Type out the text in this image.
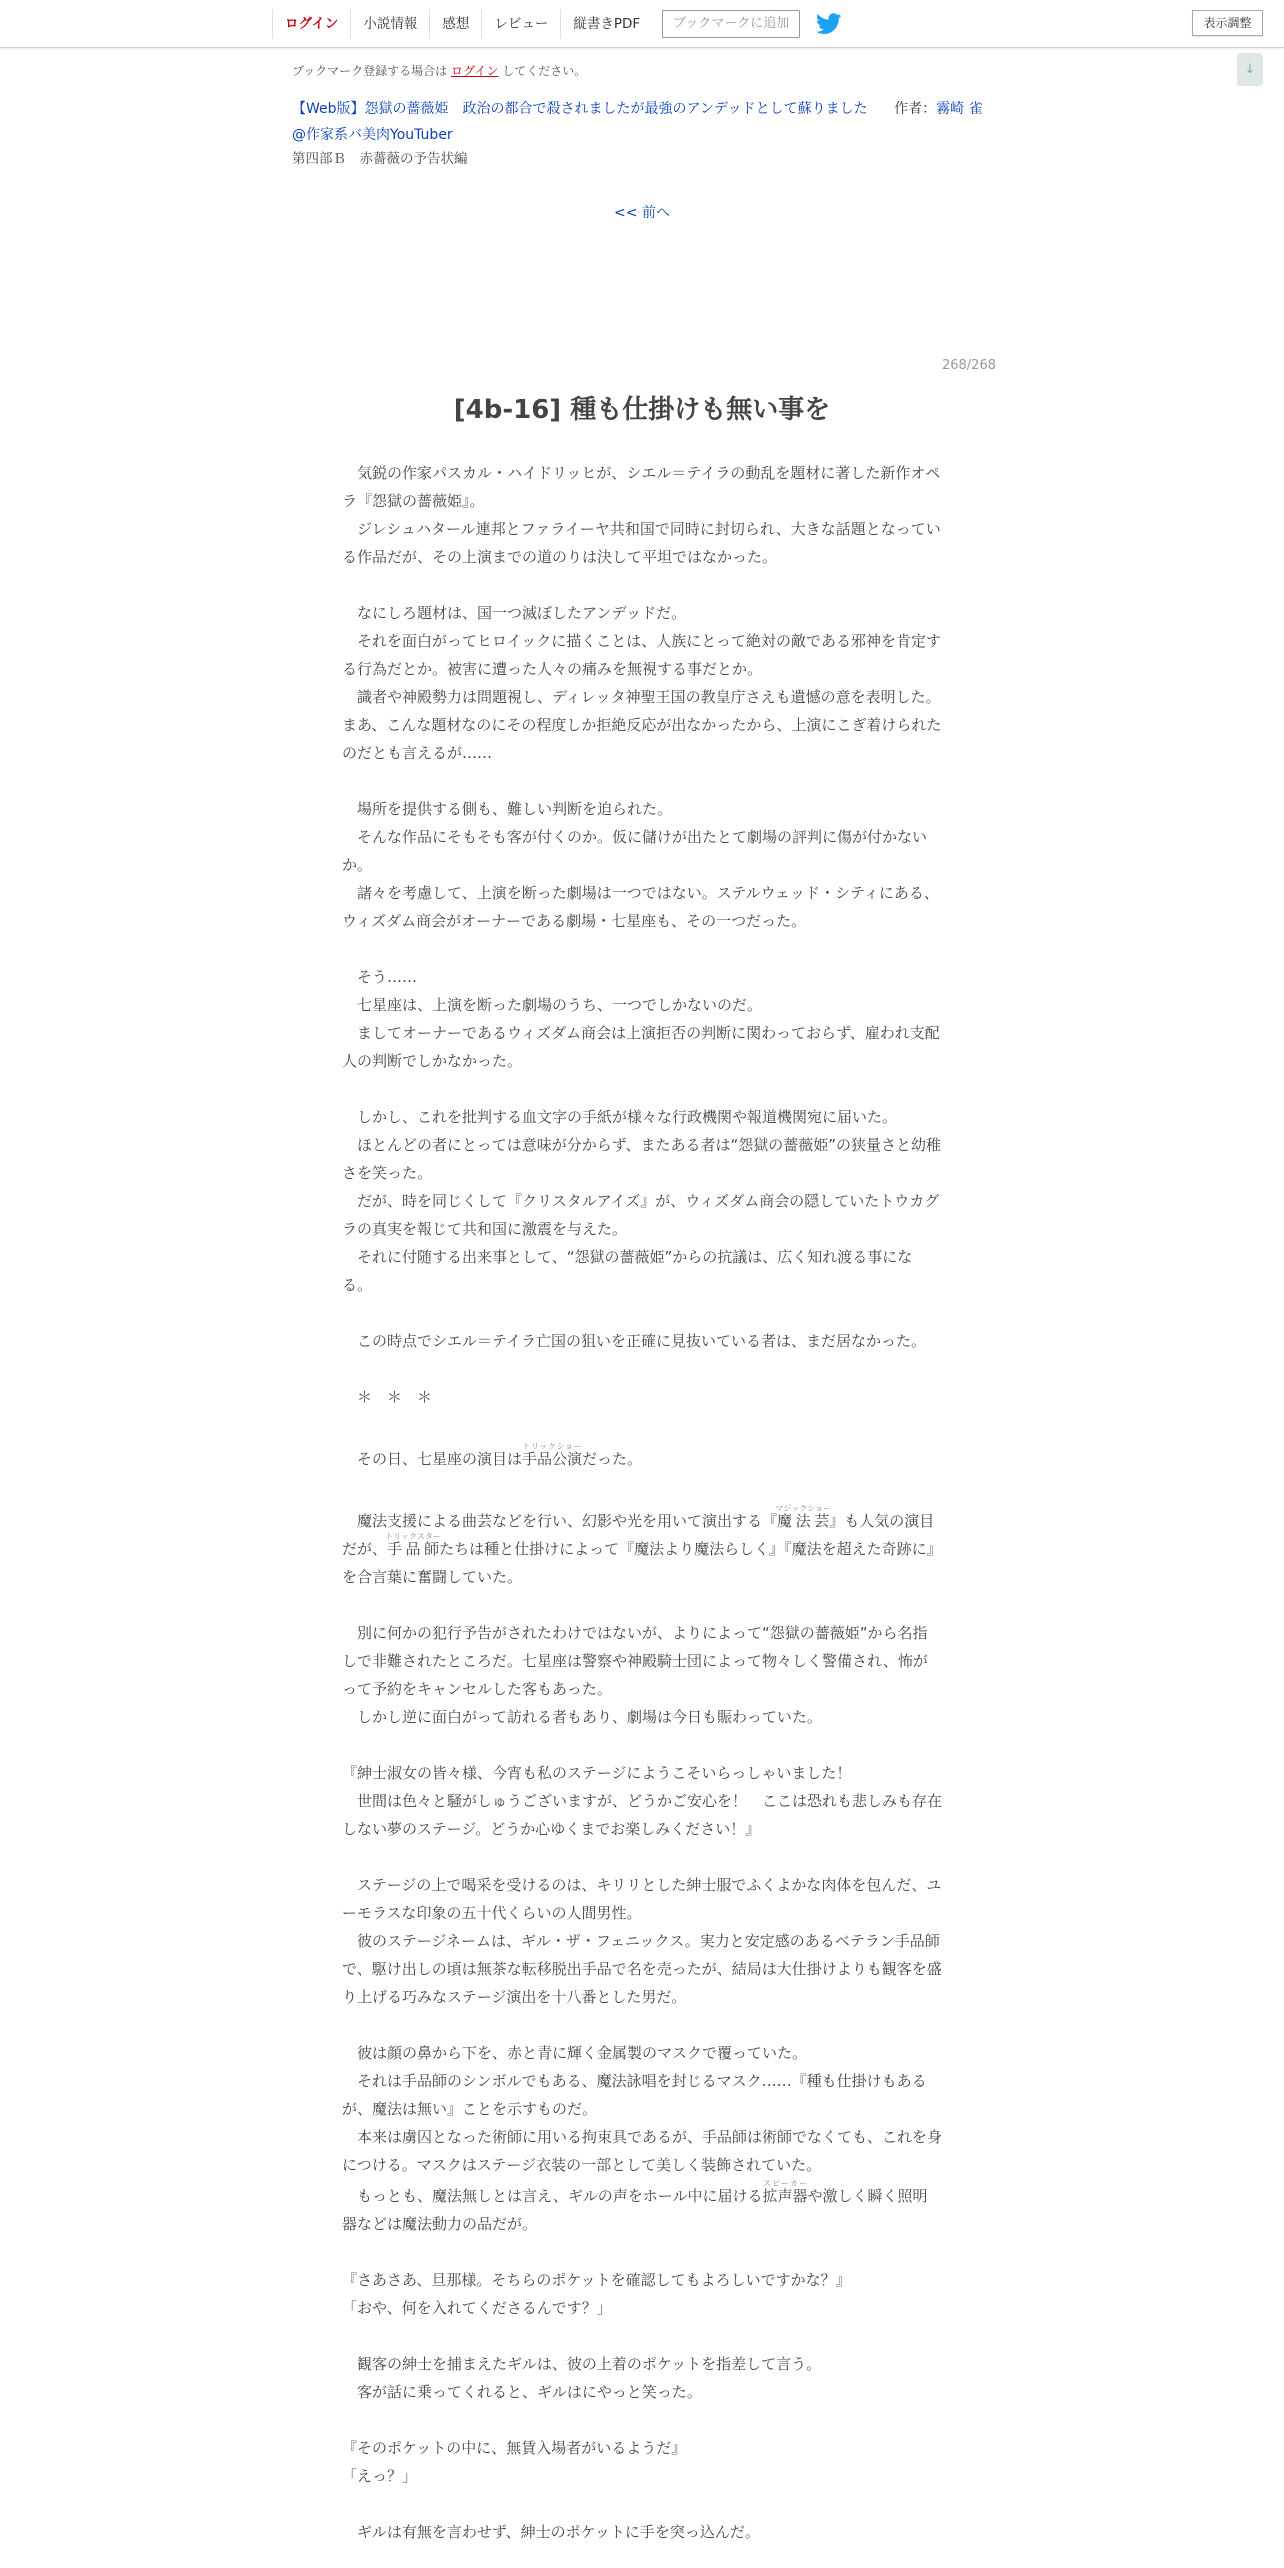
ログイン	小説情報	感想	レビュー	縦書きPDF	ブックマークに追加	表示調整
↓
ブックマーク登録する場合は ログイン してください。
【Web版】怨獄の薔薇姫　政治の都合で殺されましたが最強のアンデッドとして蘇りました 作者：霧崎 雀
@作家系バ美肉YouTuber
第四部Ｂ　赤薔薇の予告状編
<< 前へ
268/268
[4b-16] 種も仕掛けも無い事を

　気鋭の作家パスカル・ハイドリッヒが、シエル＝テイラの動乱を題材に著した新作オペラ『怨獄の薔薇姫』。

　ジレシュハタール連邦とファライーヤ共和国で同時に封切られ、大きな話題となっている作品だが、その上演までの道のりは決して平坦ではなかった。

　なにしろ題材は、国一つ滅ぼしたアンデッドだ。

　それを面白がってヒロイックに描くことは、人族にとって絶対の敵である邪神を肯定する行為だとか。被害に遭った人々の痛みを無視する事だとか。

　識者や神殿勢力は問題視し、ディレッタ神聖王国の教皇庁さえも遺憾の意を表明した。まあ、こんな題材なのにその程度しか拒絶反応が出なかったから、上演にこぎ着けられたのだとも言えるが……

　場所を提供する側も、難しい判断を迫られた。

　そんな作品にそもそも客が付くのか。仮に儲けが出たとて劇場の評判に傷が付かないか。

　諸々を考慮して、上演を断った劇場は一つではない。ステルウェッド・シティにある、ウィズダム商会がオーナーである劇場・七星座も、その一つだった。

　そう……

　七星座は、上演を断った劇場のうち、一つでしかないのだ。

　ましてオーナーであるウィズダム商会は上演拒否の判断に関わっておらず、雇われ支配人の判断でしかなかった。

　しかし、これを批判する血文字の手紙が様々な行政機関や報道機関宛に届いた。

　ほとんどの者にとっては意味が分からず、またある者は“怨獄の薔薇姫”の狭量さと幼稚さを笑った。

　だが、時を同じくして『クリスタルアイズ』が、ウィズダム商会の隠していたトウカグラの真実を報じて共和国に激震を与えた。

　それに付随する出来事として、“怨獄の薔薇姫”からの抗議は、広く知れ渡る事になる。

　この時点でシエル＝テイラ亡国の狙いを正確に見抜いている者は、まだ居なかった。

　＊　＊　＊

　その日、七星座の演目は手品公演トリックショーだった。

　魔法支援による曲芸などを行い、幻影や光を用いて演出する『魔法芸マジックショー』も人気の演目だが、手品師トリックスターたちは種と仕掛けによって『魔法より魔法らしく』『魔法を超えた奇跡に』を合言葉に奮闘していた。

　別に何かの犯行予告がされたわけではないが、よりによって“怨獄の薔薇姫”から名指しで非難されたところだ。七星座は警察や神殿騎士団によって物々しく警備され、怖がって予約をキャンセルした客もあった。

　しかし逆に面白がって訪れる者もあり、劇場は今日も賑わっていた。

『紳士淑女の皆々様、今宵も私のステージにようこそいらっしゃいました！

　世間は色々と騒がしゅうございますが、どうかご安心を！　ここは恐れも悲しみも存在しない夢のステージ。どうか心ゆくまでお楽しみください！』

　ステージの上で喝采を受けるのは、キリリとした紳士服でふくよかな肉体を包んだ、ユーモラスな印象の五十代くらいの人間男性。

　彼のステージネームは、ギル・ザ・フェニックス。実力と安定感のあるベテラン手品師で、駆け出しの頃は無茶な転移脱出手品で名を売ったが、結局は大仕掛けよりも観客を盛り上げる巧みなステージ演出を十八番とした男だ。

　彼は顔の鼻から下を、赤と青に輝く金属製のマスクで覆っていた。

　それは手品師のシンボルでもある、魔法詠唱を封じるマスク……『種も仕掛けもあるが、魔法は無い』ことを示すものだ。

　本来は虜囚となった術師に用いる拘束具であるが、手品師は術師でなくても、これを身につける。マスクはステージ衣装の一部として美しく装飾されていた。

　もっとも、魔法無しとは言え、ギルの声をホール中に届ける拡声器スピーカーや激しく瞬く照明器などは魔法動力の品だが。

『さあさあ、旦那様。そちらのポケットを確認してもよろしいですかな？』

「おや、何を入れてくださるんです？」

　観客の紳士を捕まえたギルは、彼の上着のポケットを指差して言う。

　客が話に乗ってくれると、ギルはにやっと笑った。

『そのポケットの中に、無賃入場者がいるようだ』

「えっ？」

　ギルは有無を言わせず、紳士のポケットに手を突っ込んだ。
